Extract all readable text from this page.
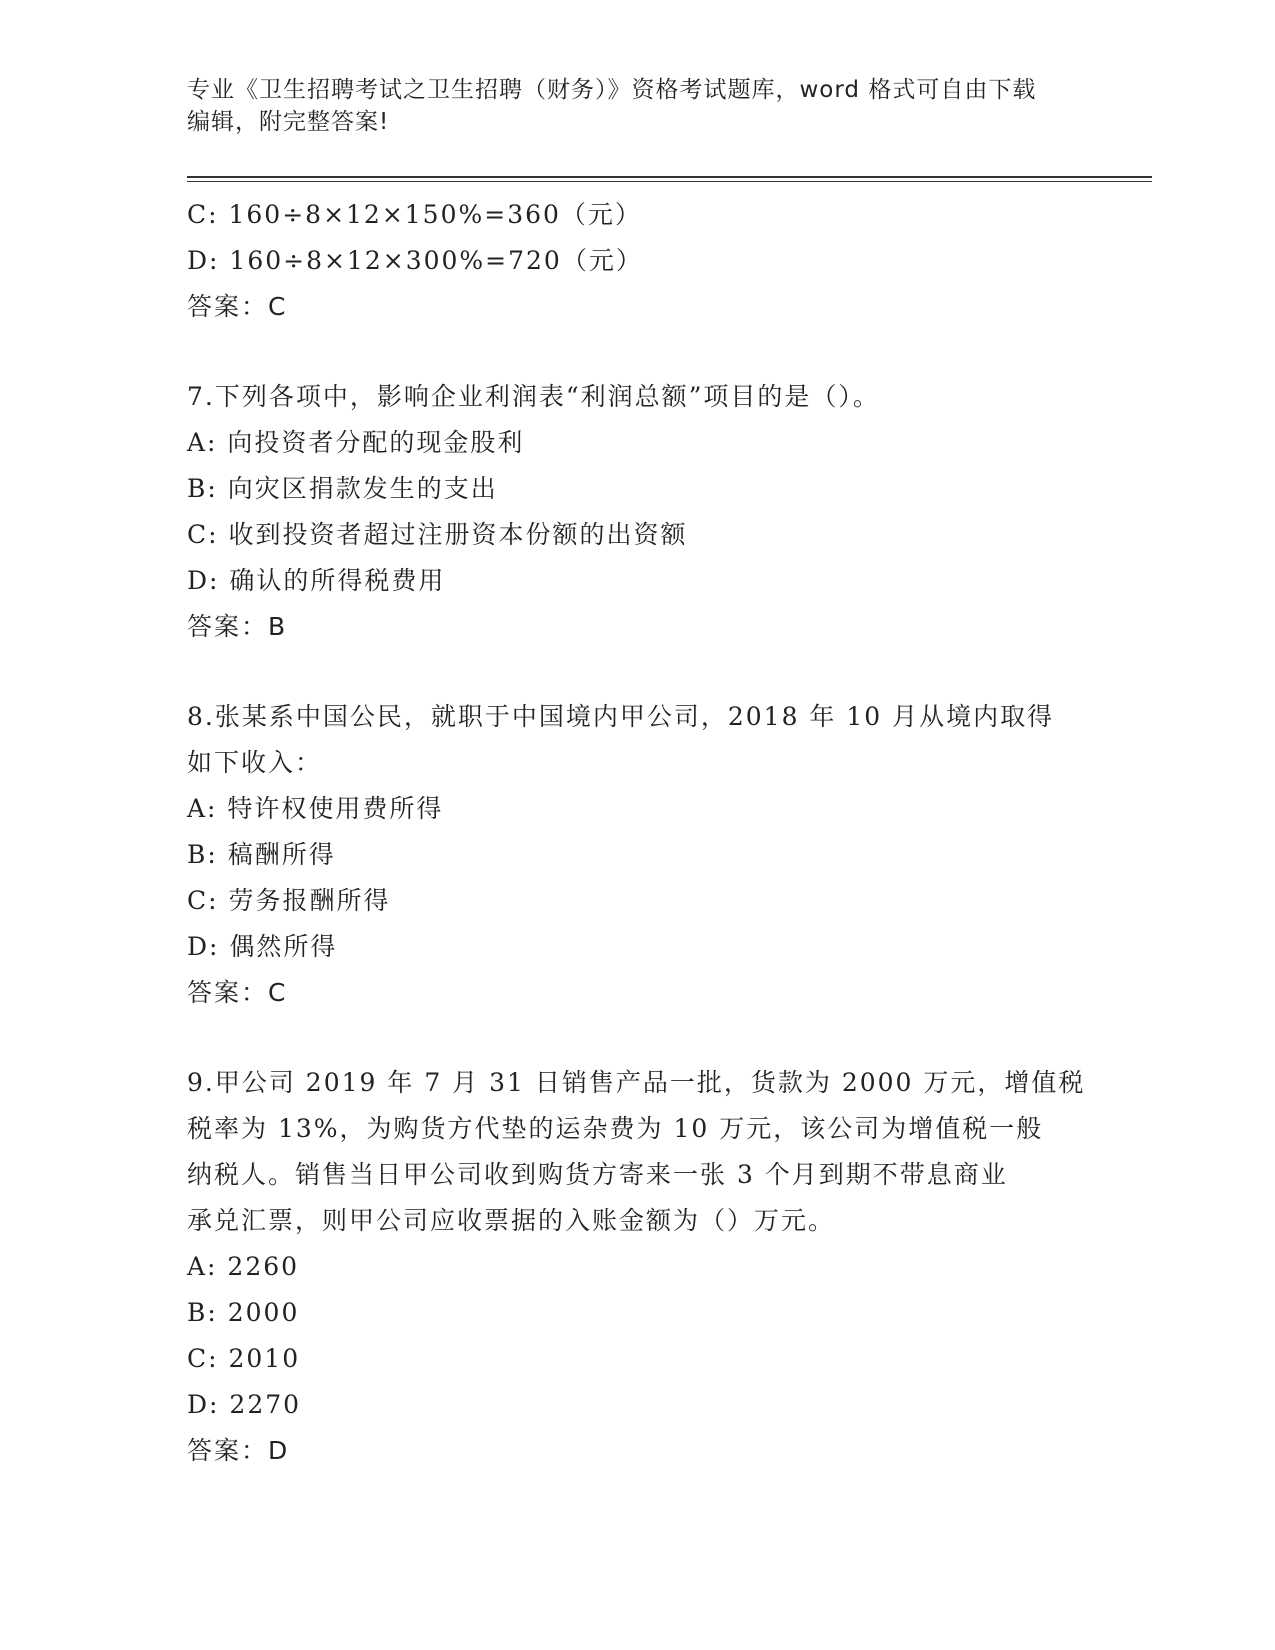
专业《卫生招聘考试之卫生招聘（财务）》资格考试题库，word 格式可自由下载
编辑，附完整答案!
C: 160÷8×12×150%=360（元）
D: 160÷8×12×300%=720（元）
答案：C
7.下列各项中，影响企业利润表“利润总额”项目的是（）。
A: 向投资者分配的现金股利
B: 向灾区捐款发生的支出
C: 收到投资者超过注册资本份额的出资额
D: 确认的所得税费用
答案：B
8.张某系中国公民，就职于中国境内甲公司，2018 年 10 月从境内取得
如下收入：
A: 特许权使用费所得
B: 稿酬所得
C: 劳务报酬所得
D: 偶然所得
答案：C
9.甲公司 2019 年 7 月 31 日销售产品一批，货款为 2000 万元，增值税
税率为 13%，为购货方代垫的运杂费为 10 万元，该公司为增值税一般
纳税人。销售当日甲公司收到购货方寄来一张 3 个月到期不带息商业
承兑汇票，则甲公司应收票据的入账金额为（）万元。
A: 2260
B: 2000
C: 2010
D: 2270
答案：D
